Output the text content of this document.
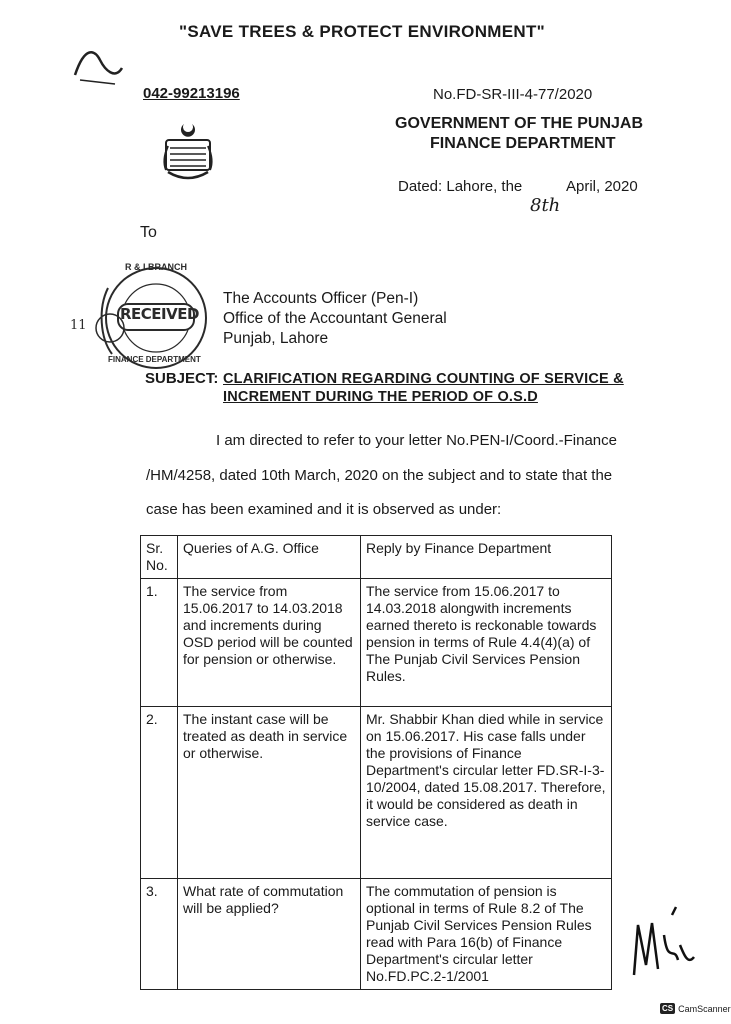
"SAVE TREES & PROTECT ENVIRONMENT"
042-99213196	No.FD-SR-III-4-77/2020
GOVERNMENT OF THE PUNJAB
FINANCE DEPARTMENT
Dated: Lahore, the	April, 2020
8th
To
RECEIVED
R & I BRANCH
FINANCE DEPARTMENT
11
The Accounts Officer (Pen-I)
Office of the Accountant General
Punjab, Lahore
SUBJECT: CLARIFICATION REGARDING COUNTING OF SERVICE &
INCREMENT DURING THE PERIOD OF O.S.D
I am directed to refer to your letter No.PEN-I/Coord.-Finance
/HM/4258, dated 10th March, 2020 on the subject and to state that the
case has been examined and it is observed as under:
Sr. No.	Queries of A.G. Office	Reply by Finance Department
1.	The service from 15.06.2017 to 14.03.2018 and increments during OSD period will be counted for pension or otherwise.	The service from 15.06.2017 to 14.03.2018 alongwith increments earned thereto is reckonable towards pension in terms of Rule 4.4(4)(a) of The Punjab Civil Services Pension Rules.
2.	The instant case will be treated as death in service or otherwise.	Mr. Shabbir Khan died while in service on 15.06.2017. His case falls under the provisions of Finance Department's circular letter FD.SR-I-3-10/2004, dated 15.08.2017. Therefore, it would be considered as death in service case.
3.	What rate of commutation will be applied?	The commutation of pension is optional in terms of Rule 8.2 of The Punjab Civil Services Pension Rules read with Para 16(b) of Finance Department's circular letter No.FD.PC.2-1/2001
CS CamScanner
